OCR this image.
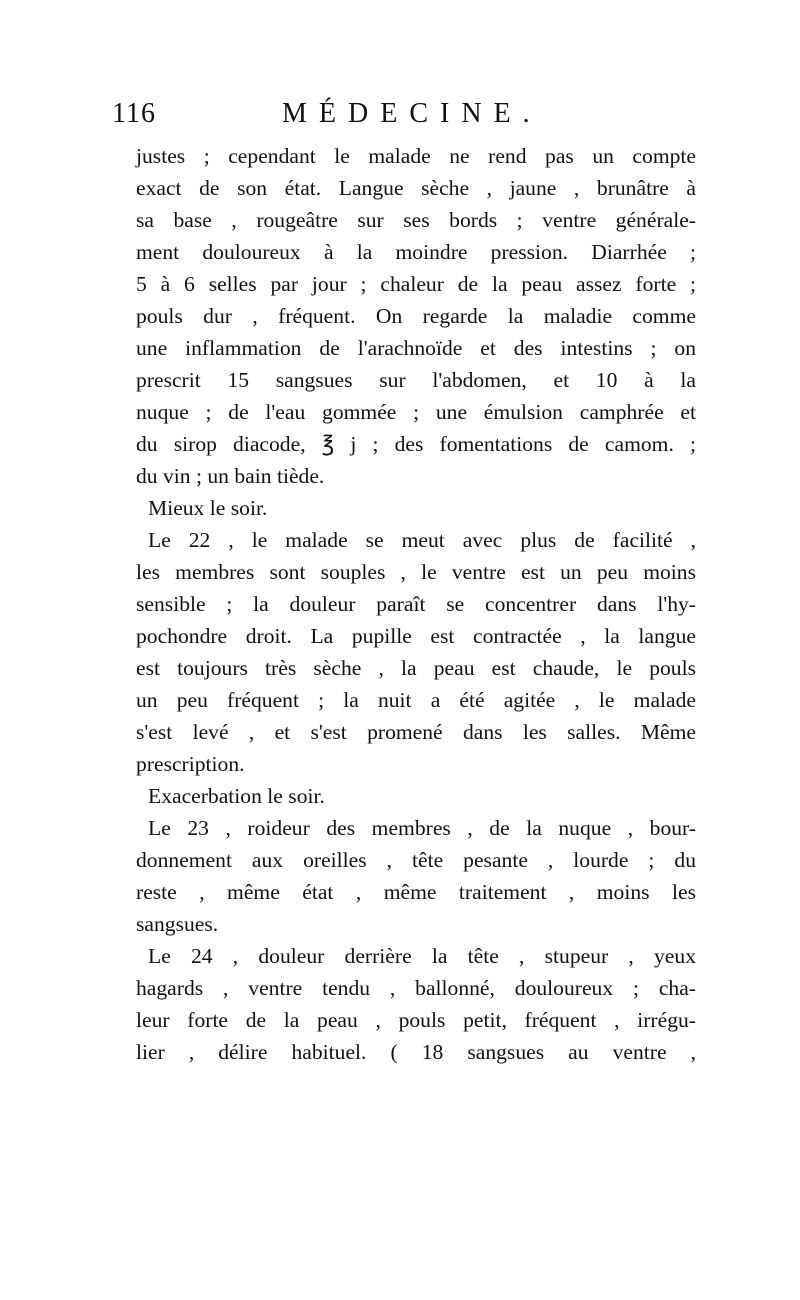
116	MÉDECINE.
justes ; cependant le malade ne rend pas un compte
exact de son état. Langue sèche , jaune , brunâtre à
sa base , rougeâtre sur ses bords ; ventre générale-
ment douloureux à la moindre pression. Diarrhée ;
5 à 6 selles par jour ; chaleur de la peau assez forte ;
pouls dur , fréquent. On regarde la maladie comme
une inflammation de l'arachnoïde et des intestins ; on
prescrit 15 sangsues sur l'abdomen, et 10 à la
nuque ; de l'eau gommée ; une émulsion camphrée et
du sirop diacode, ℥ j ; des fomentations de camom. ;
du vin ; un bain tiède.
Mieux le soir.
Le 22 , le malade se meut avec plus de facilité ,
les membres sont souples , le ventre est un peu moins
sensible ; la douleur paraît se concentrer dans l'hy-
pochondre droit. La pupille est contractée , la langue
est toujours très sèche , la peau est chaude, le pouls
un peu fréquent ; la nuit a été agitée , le malade
s'est levé , et s'est promené dans les salles. Même
prescription.
Exacerbation le soir.
Le 23 , roideur des membres , de la nuque , bour-
donnement aux oreilles , tête pesante , lourde ; du
reste , même état , même traitement , moins les
sangsues.
Le 24 , douleur derrière la tête , stupeur , yeux
hagards , ventre tendu , ballonné, douloureux ; cha-
leur forte de la peau , pouls petit, fréquent , irrégu-
lier , délire habituel. ( 18 sangsues au ventre ,
